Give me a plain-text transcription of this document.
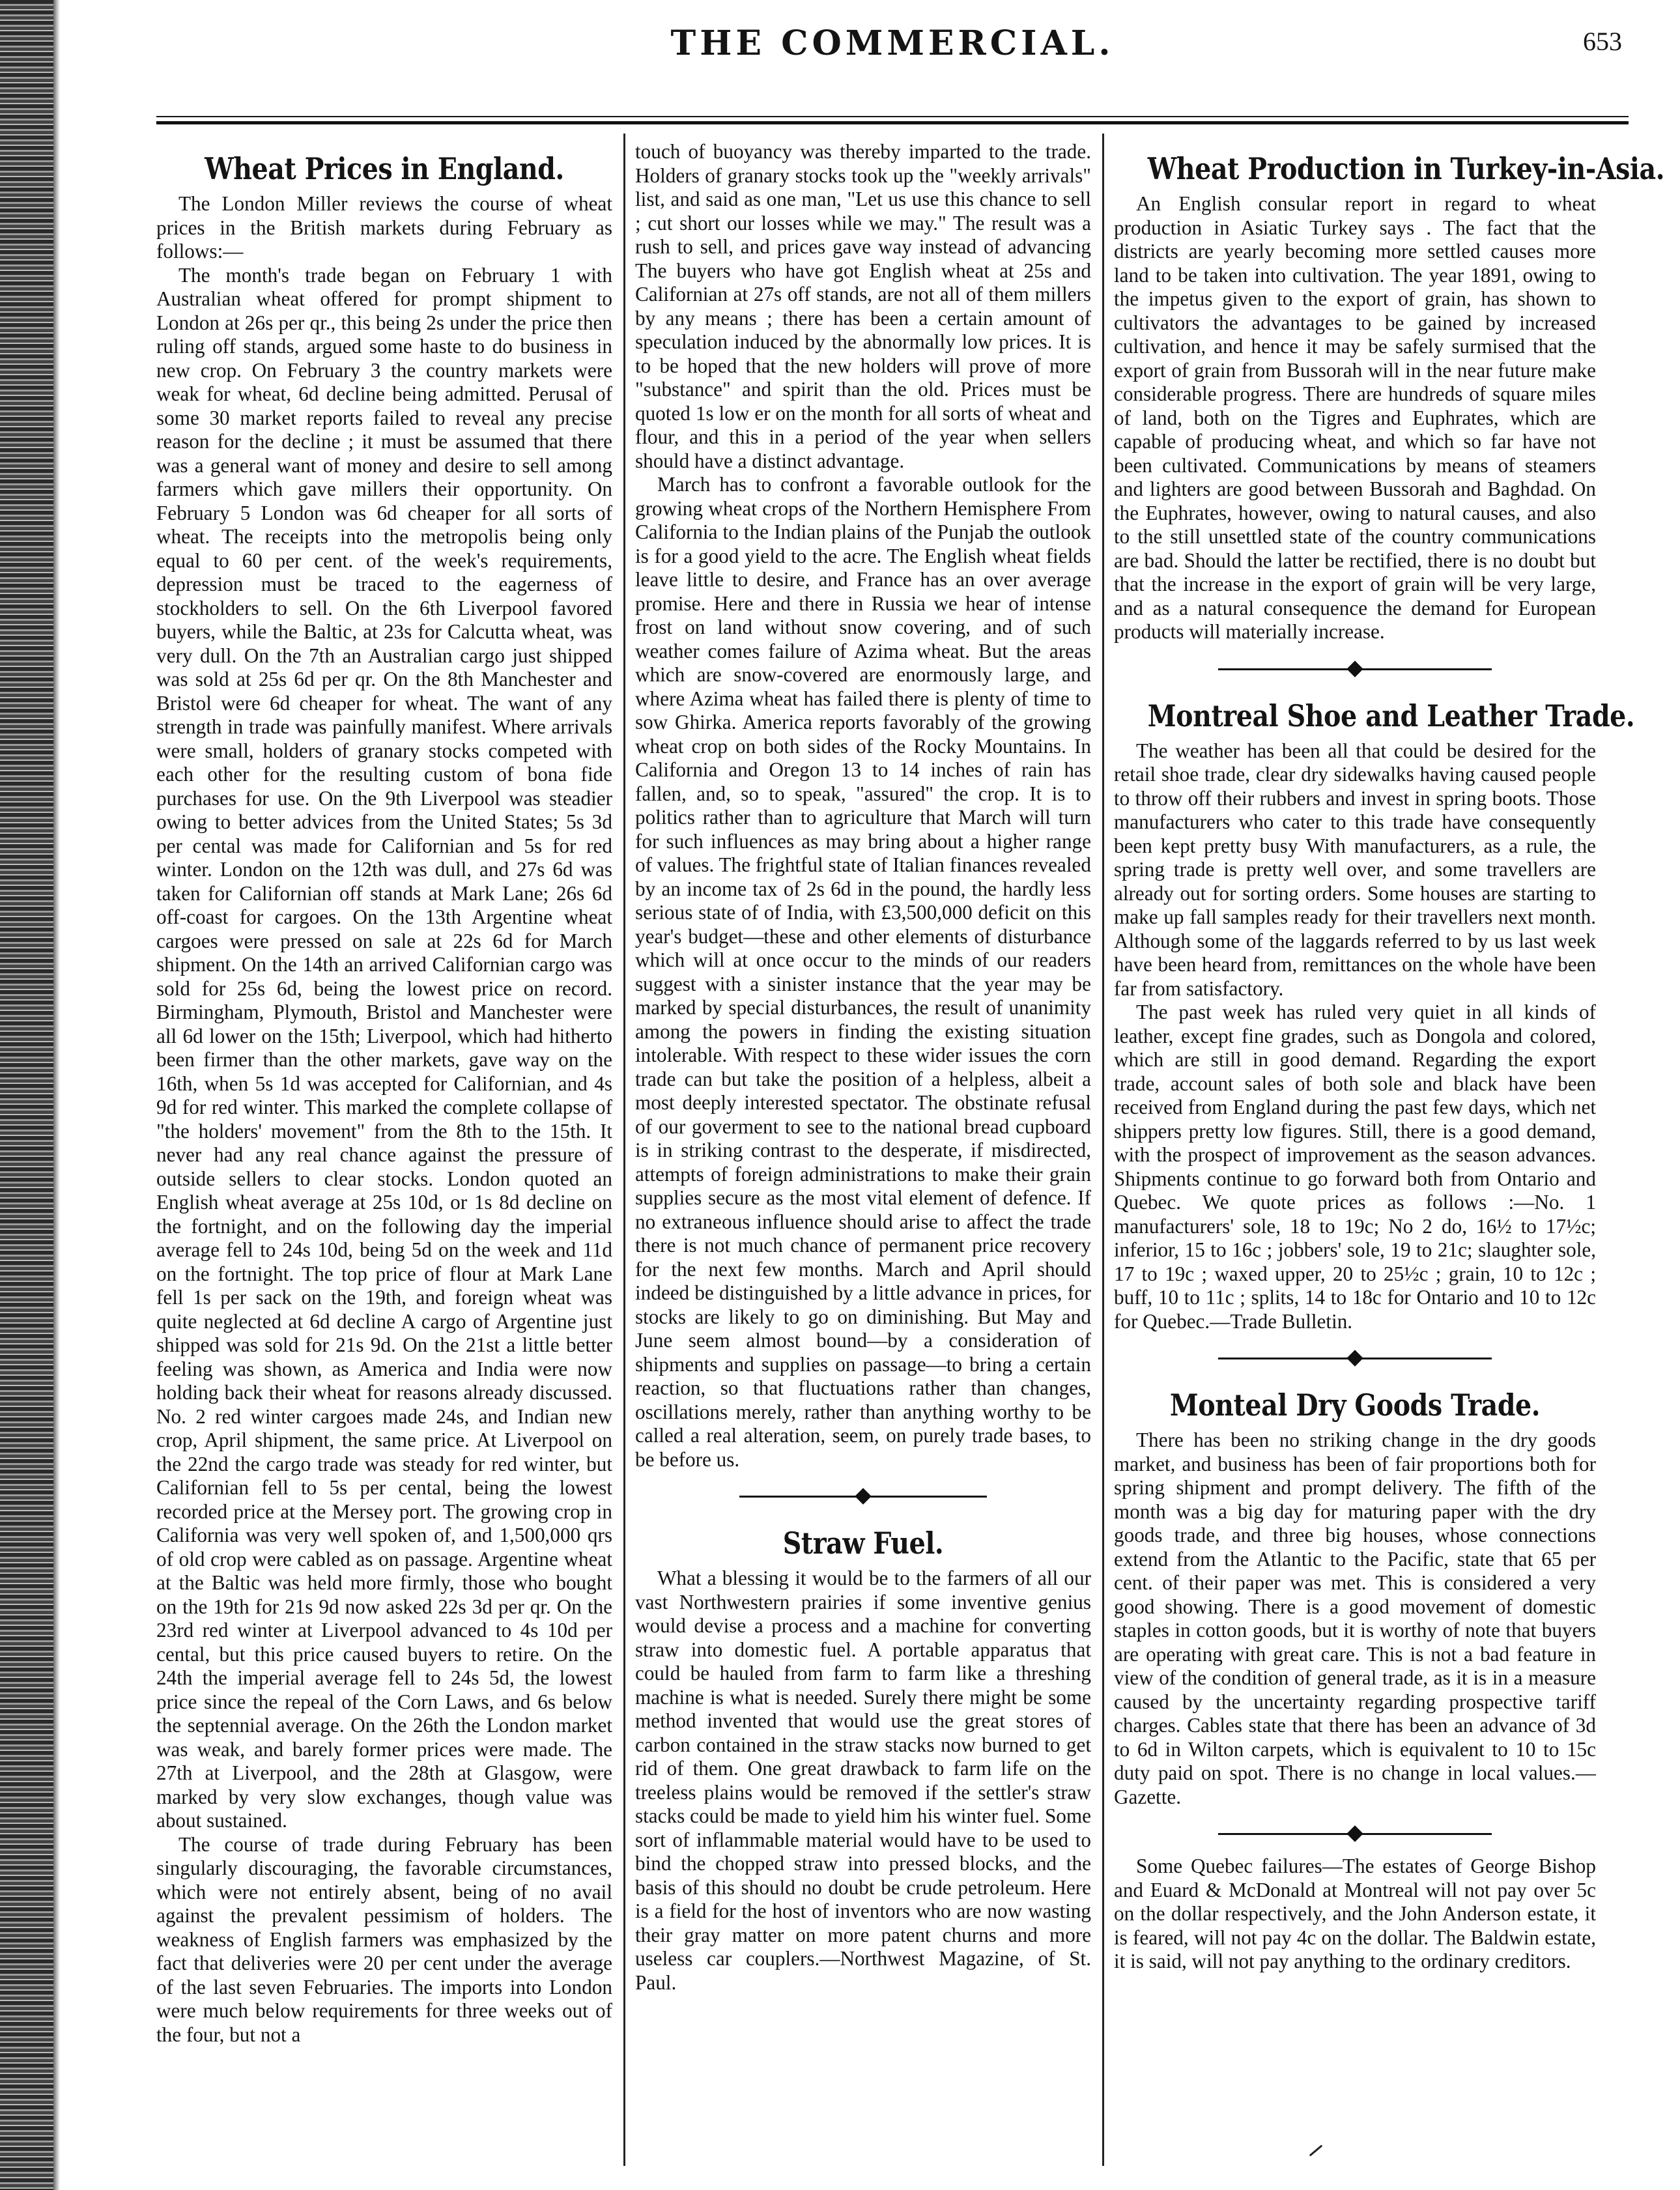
THE COMMERCIAL.	653
Wheat Prices in England.

The London Miller reviews the course of wheat prices in the British markets during February as follows:—

The month's trade began on February 1 with Australian wheat offered for prompt shipment to London at 26s per qr., this being 2s under the price then ruling off stands, argued some haste to do business in new crop. On February 3 the country markets were weak for wheat, 6d decline being admitted. Perusal of some 30 market reports failed to reveal any precise reason for the decline ; it must be assumed that there was a general want of money and desire to sell among farmers which gave millers their opportunity. On February 5 London was 6d cheaper for all sorts of wheat. The receipts into the metropolis being only equal to 60 per cent. of the week's requirements, depression must be traced to the eagerness of stockholders to sell. On the 6th Liverpool favored buyers, while the Baltic, at 23s for Calcutta wheat, was very dull. On the 7th an Australian cargo just shipped was sold at 25s 6d per qr. On the 8th Manchester and Bristol were 6d cheaper for wheat. The want of any strength in trade was painfully manifest. Where arrivals were small, holders of granary stocks competed with each other for the resulting custom of bona fide purchases for use. On the 9th Liverpool was steadier owing to better advices from the United States; 5s 3d per cental was made for Californian and 5s for red winter. London on the 12th was dull, and 27s 6d was taken for Californian off stands at Mark Lane; 26s 6d off-coast for cargoes. On the 13th Argentine wheat cargoes were pressed on sale at 22s 6d for March shipment. On the 14th an arrived Californian cargo was sold for 25s 6d, being the lowest price on record. Birmingham, Plymouth, Bristol and Manchester were all 6d lower on the 15th; Liverpool, which had hitherto been firmer than the other markets, gave way on the 16th, when 5s 1d was accepted for Californian, and 4s 9d for red winter. This marked the complete collapse of "the holders' movement" from the 8th to the 15th. It never had any real chance against the pressure of outside sellers to clear stocks. London quoted an English wheat average at 25s 10d, or 1s 8d decline on the fortnight, and on the following day the imperial average fell to 24s 10d, being 5d on the week and 11d on the fortnight. The top price of flour at Mark Lane fell 1s per sack on the 19th, and foreign wheat was quite neglected at 6d decline A cargo of Argentine just shipped was sold for 21s 9d. On the 21st a little better feeling was shown, as America and India were now holding back their wheat for reasons already discussed. No. 2 red winter cargoes made 24s, and Indian new crop, April shipment, the same price. At Liverpool on the 22nd the cargo trade was steady for red winter, but Californian fell to 5s per cental, being the lowest recorded price at the Mersey port. The growing crop in California was very well spoken of, and 1,500,000 qrs of old crop were cabled as on passage. Argentine wheat at the Baltic was held more firmly, those who bought on the 19th for 21s 9d now asked 22s 3d per qr. On the 23rd red winter at Liverpool advanced to 4s 10d per cental, but this price caused buyers to retire. On the 24th the imperial average fell to 24s 5d, the lowest price since the repeal of the Corn Laws, and 6s below the septennial average. On the 26th the London market was weak, and barely former prices were made. The 27th at Liverpool, and the 28th at Glasgow, were marked by very slow exchanges, though value was about sustained.

The course of trade during February has been singularly discouraging, the favorable circumstances, which were not entirely absent, being of no avail against the prevalent pessimism of holders. The weakness of English farmers was emphasized by the fact that deliveries were 20 per cent under the average of the last seven Februaries. The imports into London were much below requirements for three weeks out of the four, but not a

touch of buoyancy was thereby imparted to the trade. Holders of granary stocks took up the "weekly arrivals" list, and said as one man, "Let us use this chance to sell ; cut short our losses while we may." The result was a rush to sell, and prices gave way instead of advancing The buyers who have got English wheat at 25s and Californian at 27s off stands, are not all of them millers by any means ; there has been a certain amount of speculation induced by the abnormally low prices. It is to be hoped that the new holders will prove of more "substance" and spirit than the old. Prices must be quoted 1s low er on the month for all sorts of wheat and flour, and this in a period of the year when sellers should have a distinct advantage.

March has to confront a favorable outlook for the growing wheat crops of the Northern Hemisphere From California to the Indian plains of the Punjab the outlook is for a good yield to the acre. The English wheat fields leave little to desire, and France has an over average promise. Here and there in Russia we hear of intense frost on land without snow covering, and of such weather comes failure of Azima wheat. But the areas which are snow-covered are enormously large, and where Azima wheat has failed there is plenty of time to sow Ghirka. America reports favorably of the growing wheat crop on both sides of the Rocky Mountains. In California and Oregon 13 to 14 inches of rain has fallen, and, so to speak, "assured" the crop. It is to politics rather than to agriculture that March will turn for such influences as may bring about a higher range of values. The frightful state of Italian finances revealed by an income tax of 2s 6d in the pound, the hardly less serious state of of India, with £3,500,000 deficit on this year's budget—these and other elements of disturbance which will at once occur to the minds of our readers suggest with a sinister instance that the year may be marked by special disturbances, the result of unanimity among the powers in finding the existing situation intolerable. With respect to these wider issues the corn trade can but take the position of a helpless, albeit a most deeply interested spectator. The obstinate refusal of our goverment to see to the national bread cupboard is in striking contrast to the desperate, if misdirected, attempts of foreign administrations to make their grain supplies secure as the most vital element of defence. If no extraneous influence should arise to affect the trade there is not much chance of permanent price recovery for the next few months. March and April should indeed be distinguished by a little advance in prices, for stocks are likely to go on diminishing. But May and June seem almost bound—by a consideration of shipments and supplies on passage—to bring a certain reaction, so that fluctuations rather than changes, oscillations merely, rather than anything worthy to be called a real alteration, seem, on purely trade bases, to be before us.

Straw Fuel.

What a blessing it would be to the farmers of all our vast Northwestern prairies if some inventive genius would devise a process and a machine for converting straw into domestic fuel. A portable apparatus that could be hauled from farm to farm like a threshing machine is what is needed. Surely there might be some method invented that would use the great stores of carbon contained in the straw stacks now burned to get rid of them. One great drawback to farm life on the treeless plains would be removed if the settler's straw stacks could be made to yield him his winter fuel. Some sort of inflammable material would have to be used to bind the chopped straw into pressed blocks, and the basis of this should no doubt be crude petroleum. Here is a field for the host of inventors who are now wasting their gray matter on more patent churns and more useless car couplers.—Northwest Magazine, of St. Paul.

Wheat Production in Turkey-in-Asia.

An English consular report in regard to wheat production in Asiatic Turkey says . The fact that the districts are yearly becoming more settled causes more land to be taken into cultivation. The year 1891, owing to the impetus given to the export of grain, has shown to cultivators the advantages to be gained by increased cultivation, and hence it may be safely surmised that the export of grain from Bussorah will in the near future make considerable progress. There are hundreds of square miles of land, both on the Tigres and Euphrates, which are capable of producing wheat, and which so far have not been cultivated. Communications by means of steamers and lighters are good between Bussorah and Baghdad. On the Euphrates, however, owing to natural causes, and also to the still unsettled state of the country communications are bad. Should the latter be rectified, there is no doubt but that the increase in the export of grain will be very large, and as a natural consequence the demand for European products will materially increase.

Montreal Shoe and Leather Trade.

The weather has been all that could be desired for the retail shoe trade, clear dry sidewalks having caused people to throw off their rubbers and invest in spring boots. Those manufacturers who cater to this trade have consequently been kept pretty busy With manufacturers, as a rule, the spring trade is pretty well over, and some travellers are already out for sorting orders. Some houses are starting to make up fall samples ready for their travellers next month. Although some of the laggards referred to by us last week have been heard from, remittances on the whole have been far from satisfactory.

The past week has ruled very quiet in all kinds of leather, except fine grades, such as Dongola and colored, which are still in good demand. Regarding the export trade, account sales of both sole and black have been received from England during the past few days, which net shippers pretty low figures. Still, there is a good demand, with the prospect of improvement as the season advances. Shipments continue to go forward both from Ontario and Quebec. We quote prices as follows :—No. 1 manufacturers' sole, 18 to 19c; No 2 do, 16½ to 17½c; inferior, 15 to 16c ; jobbers' sole, 19 to 21c; slaughter sole, 17 to 19c ; waxed upper, 20 to 25½c ; grain, 10 to 12c ; buff, 10 to 11c ; splits, 14 to 18c for Ontario and 10 to 12c for Quebec.—Trade Bulletin.

Monteal Dry Goods Trade.

There has been no striking change in the dry goods market, and business has been of fair proportions both for spring shipment and prompt delivery. The fifth of the month was a big day for maturing paper with the dry goods trade, and three big houses, whose connections extend from the Atlantic to the Pacific, state that 65 per cent. of their paper was met. This is considered a very good showing. There is a good movement of domestic staples in cotton goods, but it is worthy of note that buyers are operating with great care. This is not a bad feature in view of the condition of general trade, as it is in a measure caused by the uncertainty regarding prospective tariff charges. Cables state that there has been an advance of 3d to 6d in Wilton carpets, which is equivalent to 10 to 15c duty paid on spot. There is no change in local values.—Gazette.

Some Quebec failures—The estates of George Bishop and Euard & McDonald at Montreal will not pay over 5c on the dollar respectively, and the John Anderson estate, it is feared, will not pay 4c on the dollar. The Baldwin estate, it is said, will not pay anything to the ordinary creditors.
